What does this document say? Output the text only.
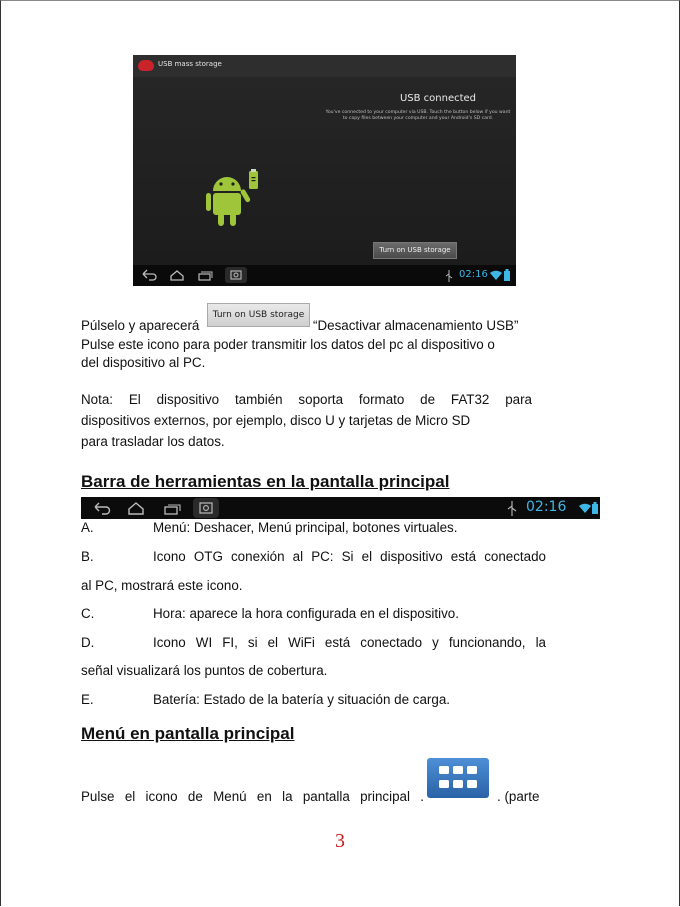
USB mass storage
USB connected
You've connected to your computer via USB. Touch the button below if you want to copy files between your computer and your Android's SD card.
Turn on USB storage
02:16
Púlselo y aparecerá
Turn on USB storage
“Desactivar almacenamiento USB”
Pulse este icono para poder transmitir los datos del pc al dispositivo o
del dispositivo al PC.
Nota: El dispositivo también soporta formato de FAT32 para
dispositivos externos, por ejemplo, disco U y tarjetas de Micro SD
para trasladar los datos.
Barra de herramientas en la pantalla principal
02:16
A.	Menú: Deshacer, Menú principal, botones virtuales.
B.	Icono OTG conexión al PC: Si el dispositivo está conectado
al PC, mostrará este icono.
C.	Hora: aparece la hora configurada en el dispositivo.
D.	Icono WI FI, si el WiFi está conectado y funcionando, la
señal visualizará los puntos de cobertura.
E.	Batería: Estado de la batería y situación de carga.
Menú en pantalla principal
Pulse el icono de Menú en la pantalla principal .	. (parte
3
